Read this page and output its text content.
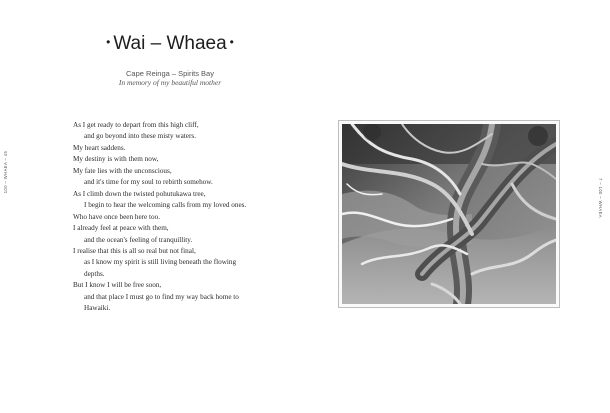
100 – WHAEA – 45
• Wai – Whaea •
Cape Reinga – Spirits Bay
In memory of my beautiful mother
As I get ready to depart from this high cliff,
and go beyond into these misty waters.
My heart saddens.
My destiny is with them now,
My fate lies with the unconscious,
and it's time for my soul to rebirth somehow.
As I climb down the twisted pohutukawa tree,
I begin to hear the welcoming calls from my loved ones.
Who have once been here too.
I already feel at peace with them,
and the ocean's feeling of tranquillity.
I realise that this is all so real but not final,
as I know my spirit is still living beneath the flowing
depths.
But I know I will be free soon,
and that place I must go to find my way back home to
Hawaiki.
7 – 100 – WHAEA
